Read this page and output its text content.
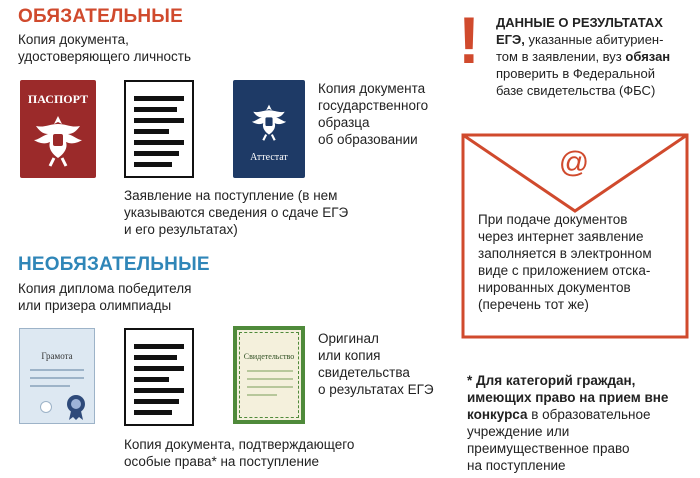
ОБЯЗАТЕЛЬНЫЕ
Копия документа,
удостоверяющего личность
ПАСПОРТ
Аттестат
Копия документа
государственного
образца
об образовании
Заявление на поступление (в нем
указываются сведения о сдаче ЕГЭ
и его результатах)
НЕОБЯЗАТЕЛЬНЫЕ
Копия диплома победителя
или призера олимпиады
Грамота	Свидетельство
Оригинал
или копия
свидетельства
о результатах ЕГЭ
Копия документа, подтверждающего
особые права* на поступление
! ДАННЫЕ О РЕЗУЛЬТАТАХ
ЕГЭ, указанные абитуриен-
том в заявлении, вуз обязан
проверить в Федеральной
базе свидетельства (ФБС)
@
При подаче документов
через интернет заявление
заполняется в электронном
виде с приложением отска-
нированных документов
(перечень тот же)
* Для категорий граждан,
имеющих право на прием вне
конкурса в образовательное
учреждение или
преимущественное право
на поступление
